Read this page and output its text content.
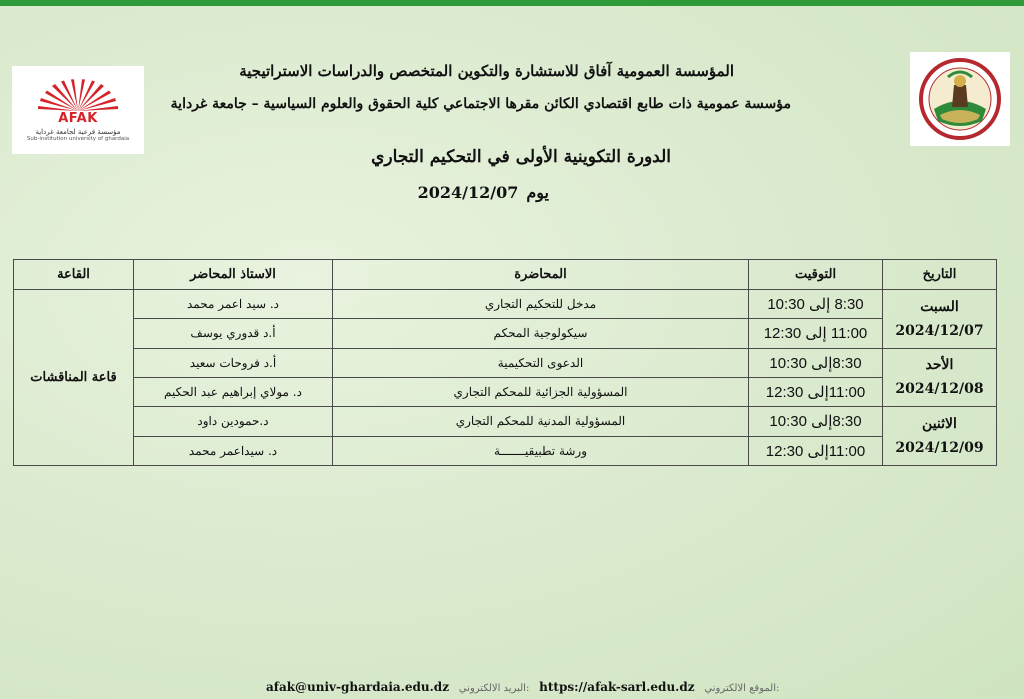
AFAK
مؤسسة فرعية لجامعة غرداية
Sub-institution university of ghardaia
المؤسسة العمومية آفاق للاستشارة والتكوين المتخصص والدراسات الاستراتيجية
مؤسسة عمومية ذات طابع اقتصادي الكائن مقرها الاجتماعي كلية الحقوق والعلوم السياسية – جامعة غرداية
الدورة التكوينية الأولى في التحكيم التجاري
يوم2024/12/07
التاريخ	التوقيت	المحاضرة	الاستاذ المحاضر	القاعة
السبت
2024/12/07	8:30 إلى 10:30	مدخل للتحكيم التجاري	د. سيد اعمر محمد	قاعة المناقشات
	11:00 إلى 12:30	سيكولوجية المحكم	أ.د قدوري يوسف	
الأحد
2024/12/08	8:30إلى 10:30	الدعوى التحكيمية	أ.د فروحات سعيد	
	11:00إلى 12:30	المسؤولية الجزائية للمحكم التجاري	د. مولاي إبراهيم عبد الحكيم	
الاثنين
2024/12/09	8:30إلى 10:30	المسؤولية المدنية للمحكم التجاري	د.حمودين داود	
	11:00إلى 12:30	ورشة تطبيقيـــــــة	د. سيداعمر محمد	
afak@univ-ghardaia.edu.dz البريد الالكتروني: https://afak-sarl.edu.dz الموقع الالكتروني:
